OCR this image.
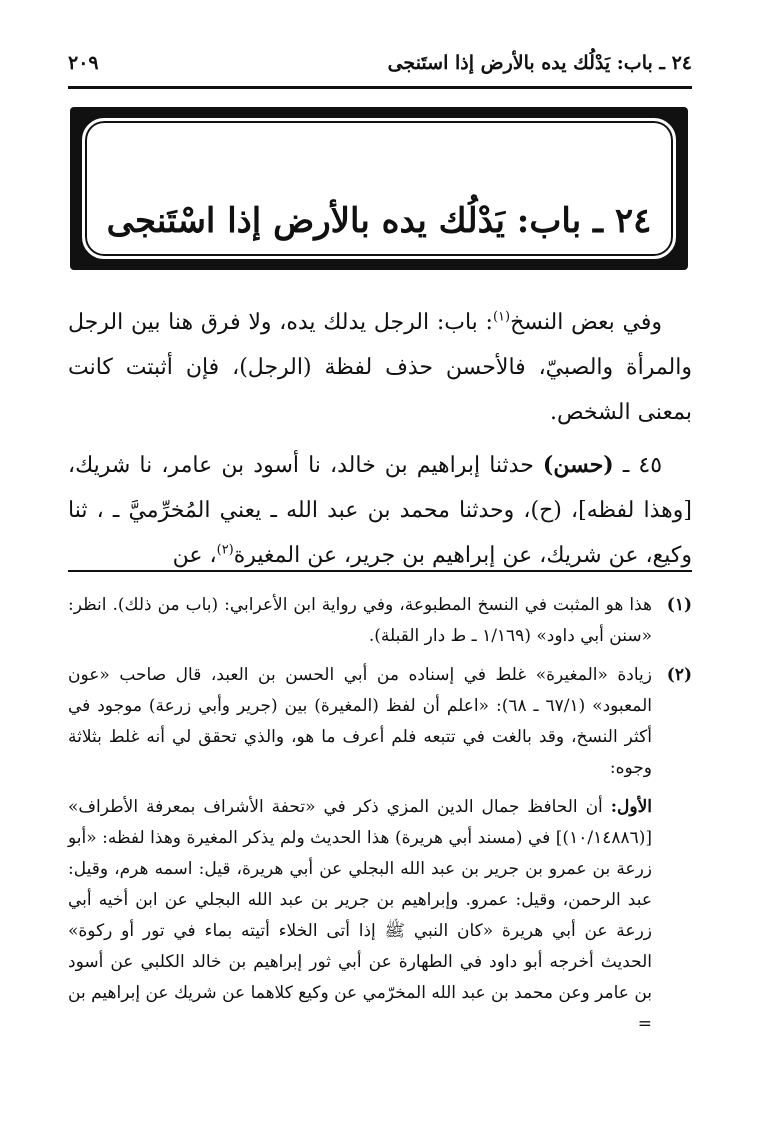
٢٤ ـ باب: يَدْلُك يده بالأرض إذا استَنجى
٢٠٩
٢٤ ـ باب: يَدْلُك يده بالأرض إذا اسْتَنجى

وفي بعض النسخ$^{(١)}$: باب: الرجل يدلك يده، ولا فرق هنا بين الرجل والمرأة والصبيّ، فالأحسن حذف لفظة (الرجل)، فإن أثبتت كانت بمعنى الشخص.

٤٥ ـ (حسن) حدثنا إبراهيم بن خالد، نا أسود بن عامر، نا شريك، [وهذا لفظه]، (ح)، وحدثنا محمد بن عبد الله ـ يعني المُخرِّميَّ ـ ، ثنا وكيع، عن شريك، عن إبراهيم بن جرير، عن المغيرة$^{(٢)}$، عن

(١)
هذا هو المثبت في النسخ المطبوعة، وفي رواية ابن الأعرابي: (باب من ذلك). انظر: «سنن أبي داود» (١/١٦٩ ـ ط دار القبلة).
(٢)
زيادة «المغيرة» غلط في إسناده من أبي الحسن بن العبد، قال صاحب «عون المعبود» (٦٧/١ ـ ٦٨): «اعلم أن لفظ (المغيرة) بين (جرير وأبي زرعة) موجود في أكثر النسخ، وقد بالغت في تتبعه فلم أعرف ما هو، والذي تحقق لي أنه غلط بثلاثة وجوه:
الأول: أن الحافظ جمال الدين المزي ذكر في «تحفة الأشراف بمعرفة الأطراف» [(١٠/١٤٨٨٦)] في (مسند أبي هريرة) هذا الحديث ولم يذكر المغيرة وهذا لفظه: «أبو زرعة بن عمرو بن جرير بن عبد الله البجلي عن أبي هريرة، قيل: اسمه هرم، وقيل: عبد الرحمن، وقيل: عمرو. وإبراهيم بن جرير بن عبد الله البجلي عن ابن أخيه أبي زرعة عن أبي هريرة «كان النبي ﷺ إذا أتى الخلاء أتيته بماء في تور أو ركوة» الحديث أخرجه أبو داود في الطهارة عن أبي ثور إبراهيم بن خالد الكلبي عن أسود بن عامر وعن محمد بن عبد الله المخرّمي عن وكيع كلاهما عن شريك عن إبراهيم بن =
